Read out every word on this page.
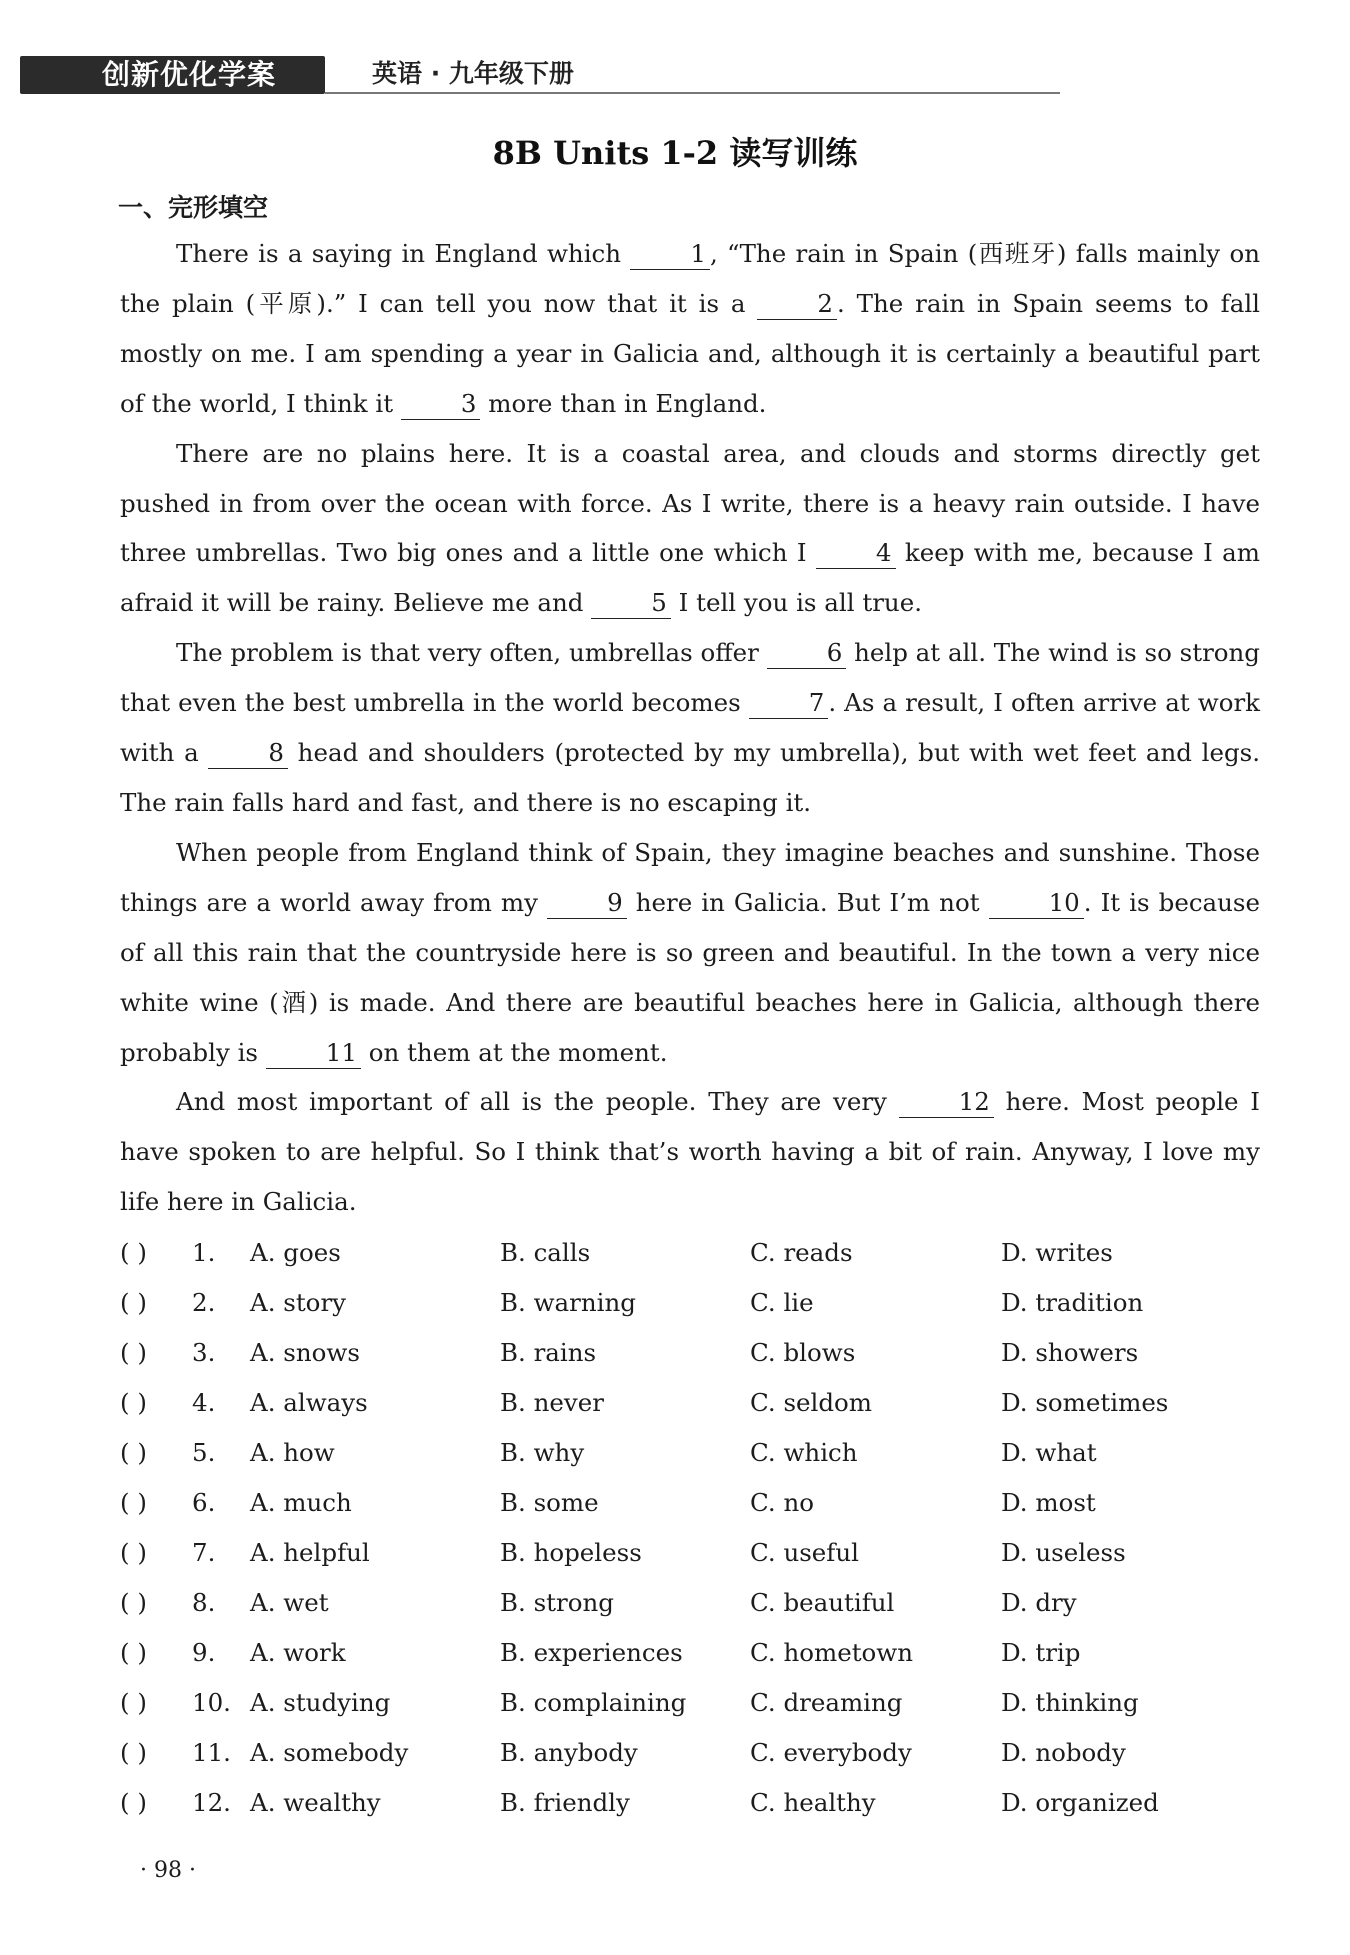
创新优化学案	英语 · 九年级下册
8B Units 1-2 读写训练
一、完形填空

There is a saying in England which 1 , “The rain in Spain (西班牙) falls mainly on the plain (平原).” I can tell you now that it is a 2 . The rain in Spain seems to fall mostly on me. I am spending a year in Galicia and, although it is certainly a beautiful part of the world, I think it 3 more than in England.

There are no plains here. It is a coastal area, and clouds and storms directly get pushed in from over the ocean with force. As I write, there is a heavy rain outside. I have three umbrellas. Two big ones and a little one which I 4 keep with me, because I am afraid it will be rainy. Believe me and 5 I tell you is all true.

The problem is that very often, umbrellas offer 6 help at all. The wind is so strong that even the best umbrella in the world becomes 7 . As a result, I often arrive at work with a 8 head and shoulders (protected by my umbrella), but with wet feet and legs. The rain falls hard and fast, and there is no escaping it.

When people from England think of Spain, they imagine beaches and sunshine. Those things are a world away from my 9 here in Galicia. But I’m not 10 . It is because of all this rain that the countryside here is so green and beautiful. In the town a very nice white wine (酒) is made. And there are beautiful beaches here in Galicia, although there probably is 11 on them at the moment.

And most important of all is the people. They are very 12 here. Most people I have spoken to are helpful. So I think that’s worth having a bit of rain. Anyway, I love my life here in Galicia.

( ) 1. A. goes	B. calls	C. reads	D. writes
( ) 2. A. story	B. warning	C. lie	D. tradition
( ) 3. A. snows	B. rains	C. blows	D. showers
( ) 4. A. always	B. never	C. seldom	D. sometimes
( ) 5. A. how	B. why	C. which	D. what
( ) 6. A. much	B. some	C. no	D. most
( ) 7. A. helpful	B. hopeless	C. useful	D. useless
( ) 8. A. wet	B. strong	C. beautiful	D. dry
( ) 9. A. work	B. experiences	C. hometown	D. trip
( ) 10. A. studying	B. complaining	C. dreaming	D. thinking
( ) 11. A. somebody	B. anybody	C. everybody	D. nobody
( ) 12. A. wealthy	B. friendly	C. healthy	D. organized
· 98 ·
